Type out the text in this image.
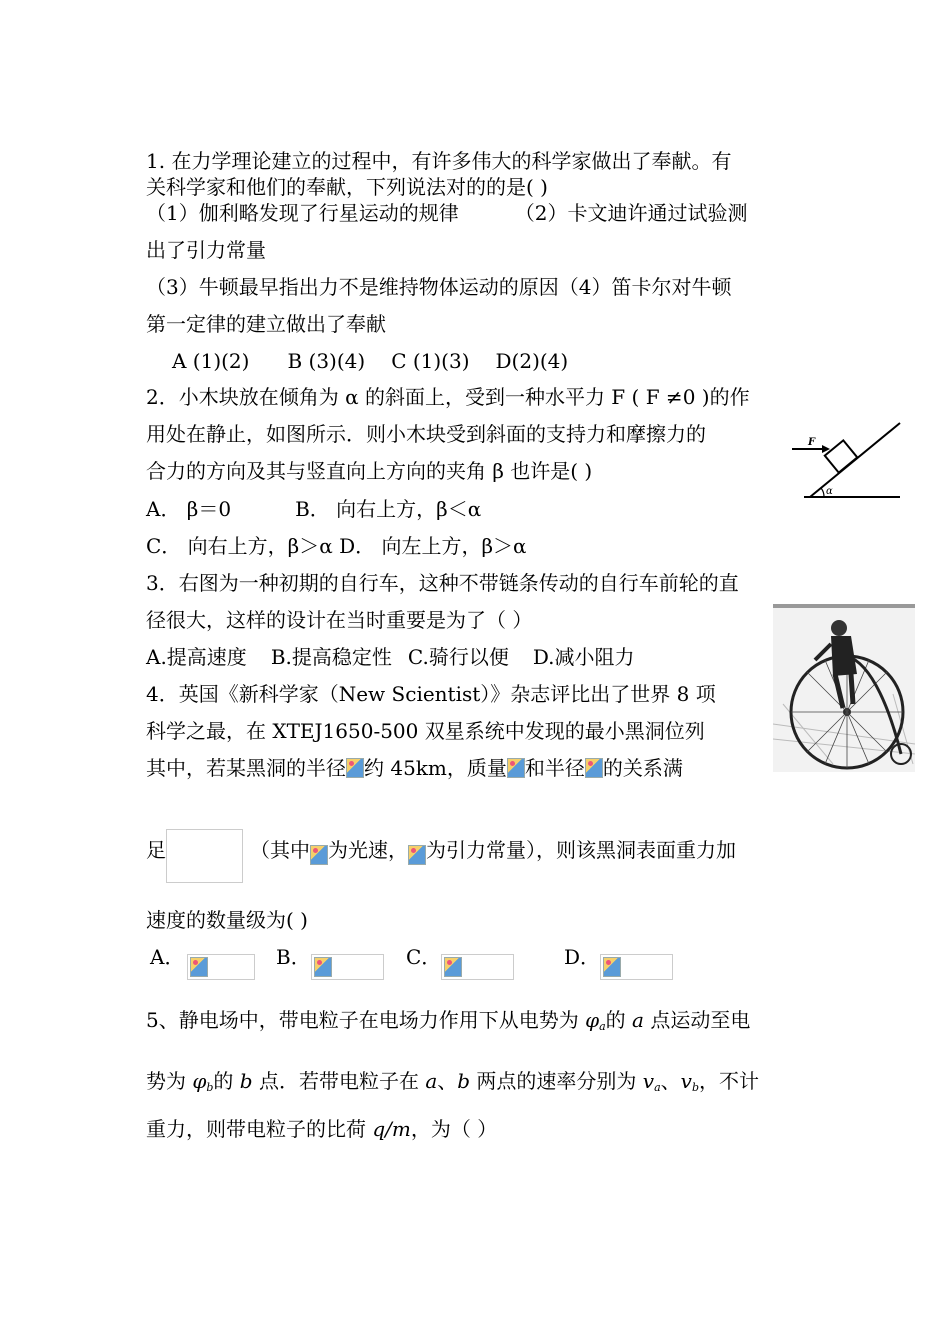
1. 在力学理论建立的过程中，有许多伟大的科学家做出了奉献。有
关科学家和他们的奉献，下列说法对的的是( )
（1）伽利略发现了行星运动的规律	（2）卡文迪许通过试验测
出了引力常量
（3）牛顿最早指出力不是维持物体运动的原因（4）笛卡尔对牛顿
第一定律的建立做出了奉献
A (1)(2) B (3)(4) C (1)(3) D(2)(4)
2．小木块放在倾角为 α 的斜面上，受到一种水平力 F ( F ≠0 )的作
用处在静止，如图所示．则小木块受到斜面的支持力和摩擦力的
合力的方向及其与竖直向上方向的夹角 β 也许是( )
A． β＝0	B． 向右上方，β＜α
C． 向右上方，β＞α D． 向左上方，β＞α
F
α
3．右图为一种初期的自行车，这种不带链条传动的自行车前轮的直
径很大，这样的设计在当时重要是为了（ ）
A.提高速度 B.提高稳定性 C.骑行以便 D.减小阻力
4．英国《新科学家（New Scientist）》杂志评比出了世界 8 项
科学之最，在 XTEJ1650-500 双星系统中发现的最小黑洞位列
其中，若某黑洞的半径 约 45km，质量 和半径 的关系满
足	（其中 为光速， 为引力常量），则该黑洞表面重力加
速度的数量级为( )
A．	B．	C．	D．
5、静电场中，带电粒子在电场力作用下从电势为 $\varphi_a$的 a 点运动至电
势为 $\varphi_b$的 b 点．若带电粒子在 a、b 两点的速率分别为 $v_a$、$v_b$，不计
重力，则带电粒子的比荷 q/m，为（ ）
